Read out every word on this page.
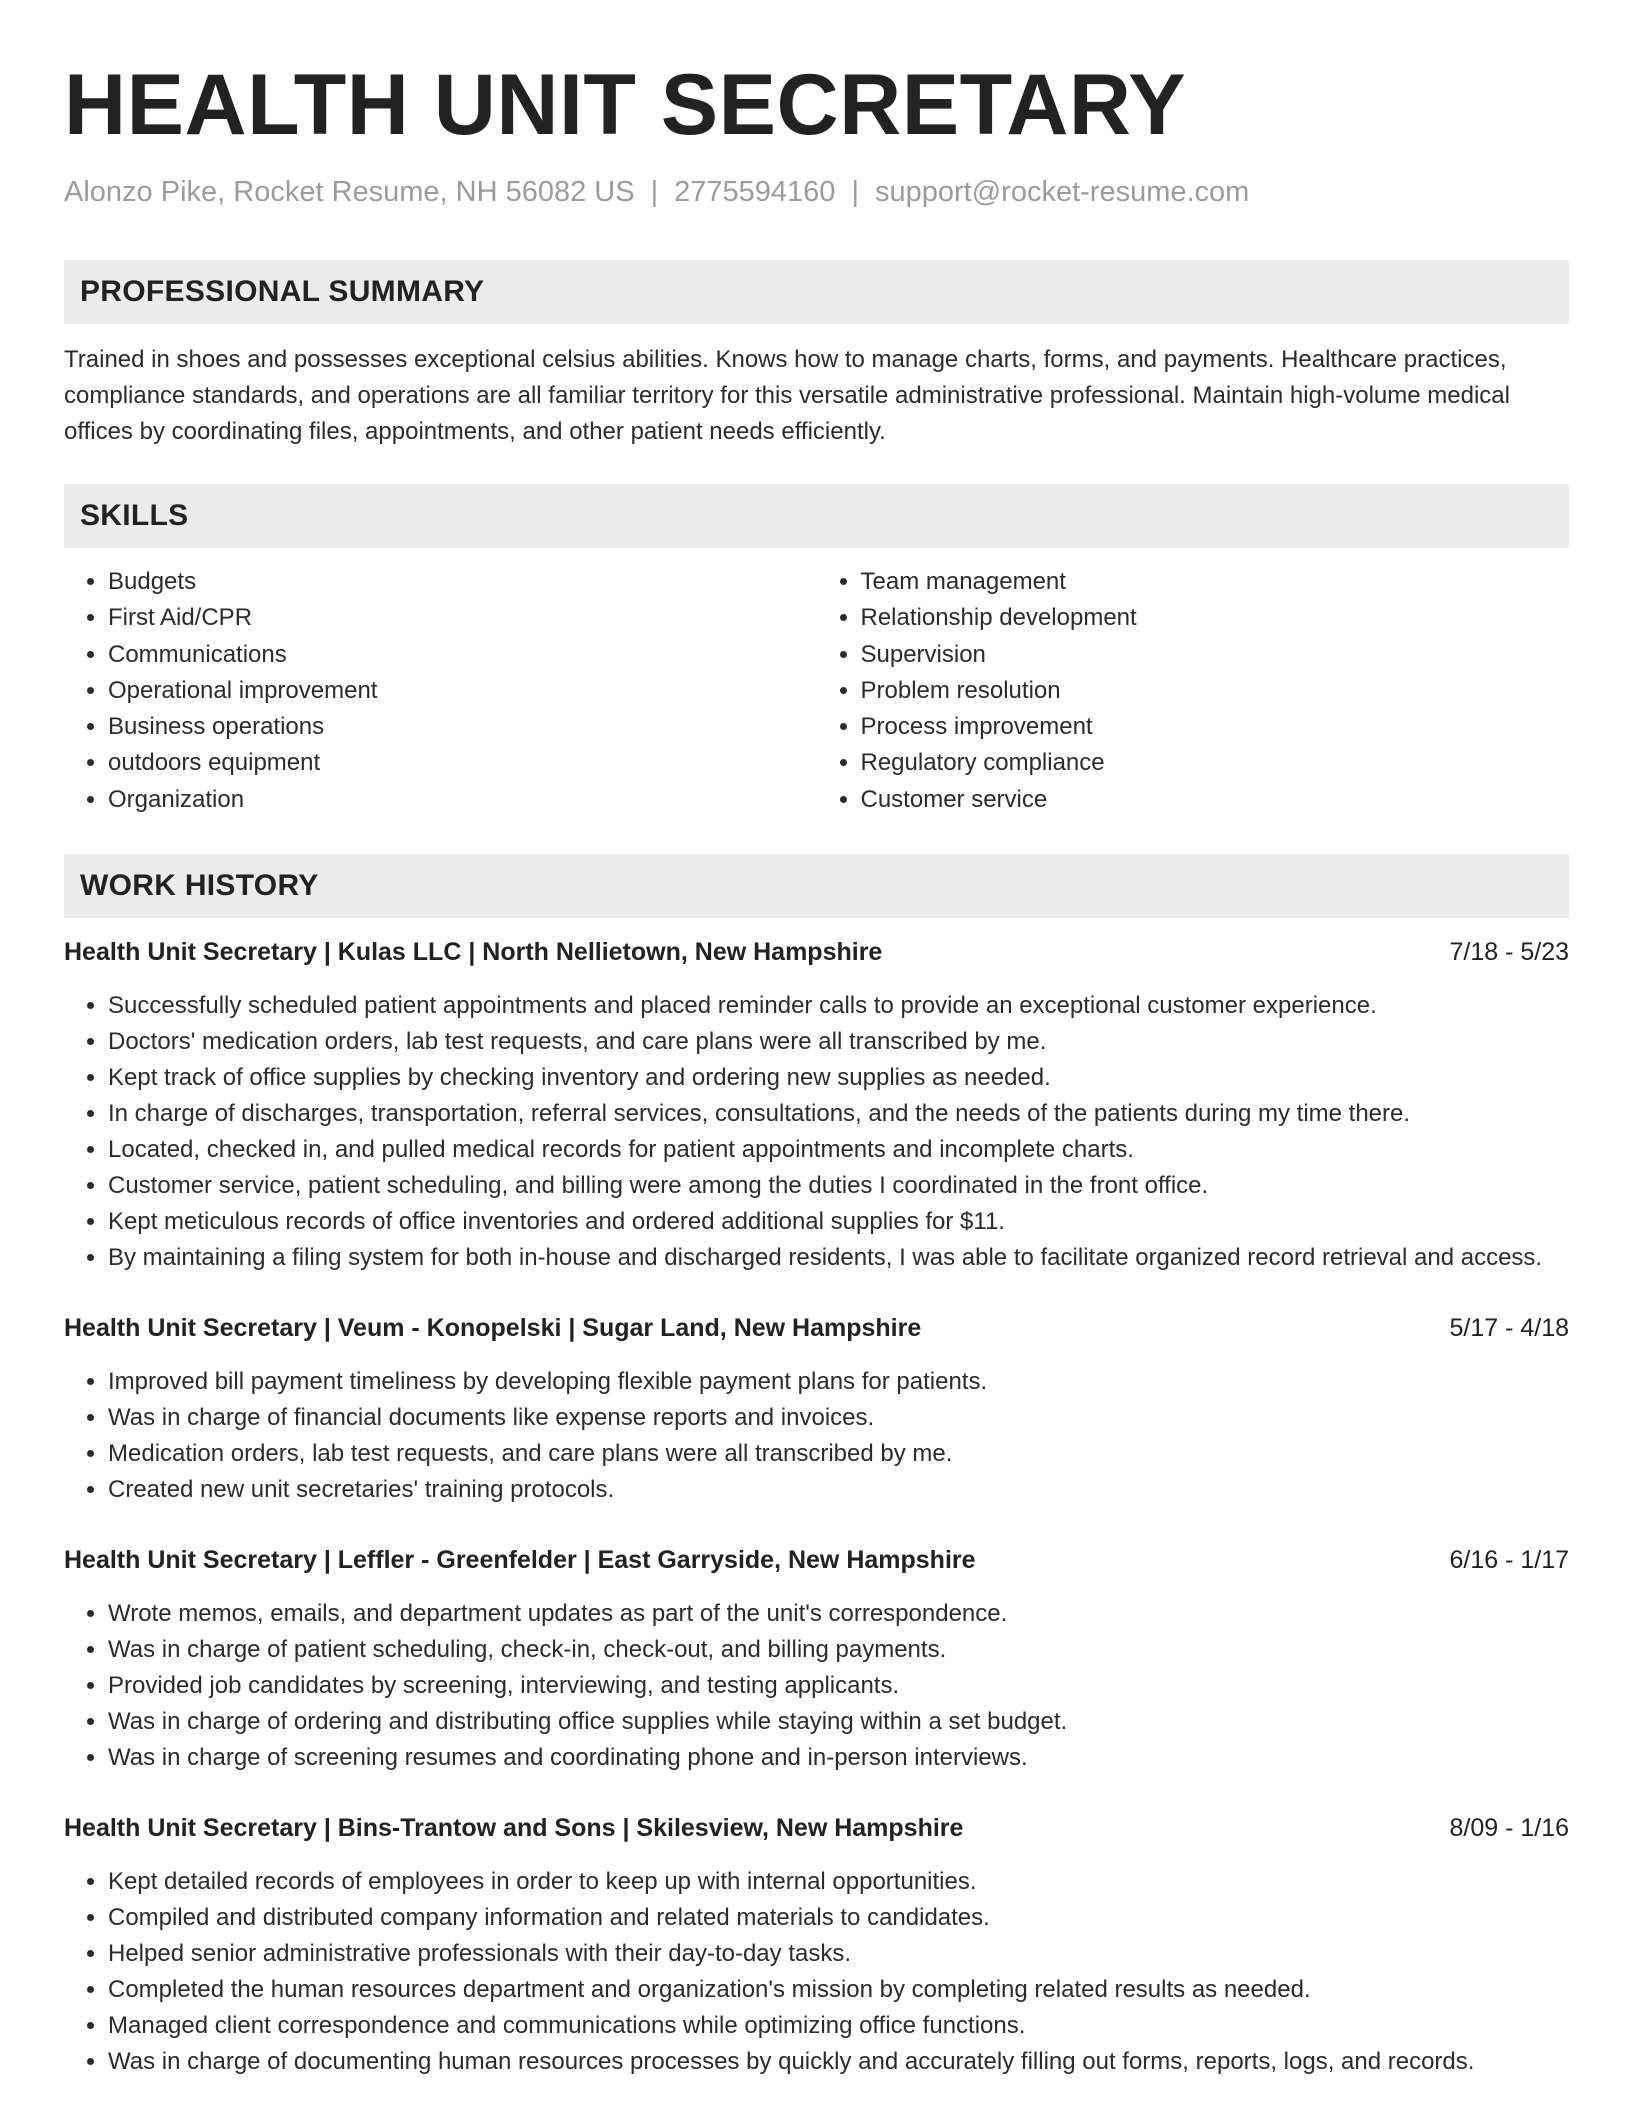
HEALTH UNIT SECRETARY
Alonzo Pike, Rocket Resume, NH 56082 US | 2775594160 | support@rocket-resume.com
PROFESSIONAL SUMMARY
Trained in shoes and possesses exceptional celsius abilities. Knows how to manage charts, forms, and payments. Healthcare practices, compliance standards, and operations are all familiar territory for this versatile administrative professional. Maintain high-volume medical offices by coordinating files, appointments, and other patient needs efficiently.
SKILLS
• Budgets
• First Aid/CPR
• Communications
• Operational improvement
• Business operations
• outdoors equipment
• Organization
• Team management
• Relationship development
• Supervision
• Problem resolution
• Process improvement
• Regulatory compliance
• Customer service
WORK HISTORY
Health Unit Secretary | Kulas LLC | North Nellietown, New Hampshire	7/18 - 5/23
• Successfully scheduled patient appointments and placed reminder calls to provide an exceptional customer experience.
• Doctors' medication orders, lab test requests, and care plans were all transcribed by me.
• Kept track of office supplies by checking inventory and ordering new supplies as needed.
• In charge of discharges, transportation, referral services, consultations, and the needs of the patients during my time there.
• Located, checked in, and pulled medical records for patient appointments and incomplete charts.
• Customer service, patient scheduling, and billing were among the duties I coordinated in the front office.
• Kept meticulous records of office inventories and ordered additional supplies for $11.
• By maintaining a filing system for both in-house and discharged residents, I was able to facilitate organized record retrieval and access.
Health Unit Secretary | Veum - Konopelski | Sugar Land, New Hampshire	5/17 - 4/18
• Improved bill payment timeliness by developing flexible payment plans for patients.
• Was in charge of financial documents like expense reports and invoices.
• Medication orders, lab test requests, and care plans were all transcribed by me.
• Created new unit secretaries' training protocols.
Health Unit Secretary | Leffler - Greenfelder | East Garryside, New Hampshire	6/16 - 1/17
• Wrote memos, emails, and department updates as part of the unit's correspondence.
• Was in charge of patient scheduling, check-in, check-out, and billing payments.
• Provided job candidates by screening, interviewing, and testing applicants.
• Was in charge of ordering and distributing office supplies while staying within a set budget.
• Was in charge of screening resumes and coordinating phone and in-person interviews.
Health Unit Secretary | Bins-Trantow and Sons | Skilesview, New Hampshire	8/09 - 1/16
• Kept detailed records of employees in order to keep up with internal opportunities.
• Compiled and distributed company information and related materials to candidates.
• Helped senior administrative professionals with their day-to-day tasks.
• Completed the human resources department and organization's mission by completing related results as needed.
• Managed client correspondence and communications while optimizing office functions.
• Was in charge of documenting human resources processes by quickly and accurately filling out forms, reports, logs, and records.
